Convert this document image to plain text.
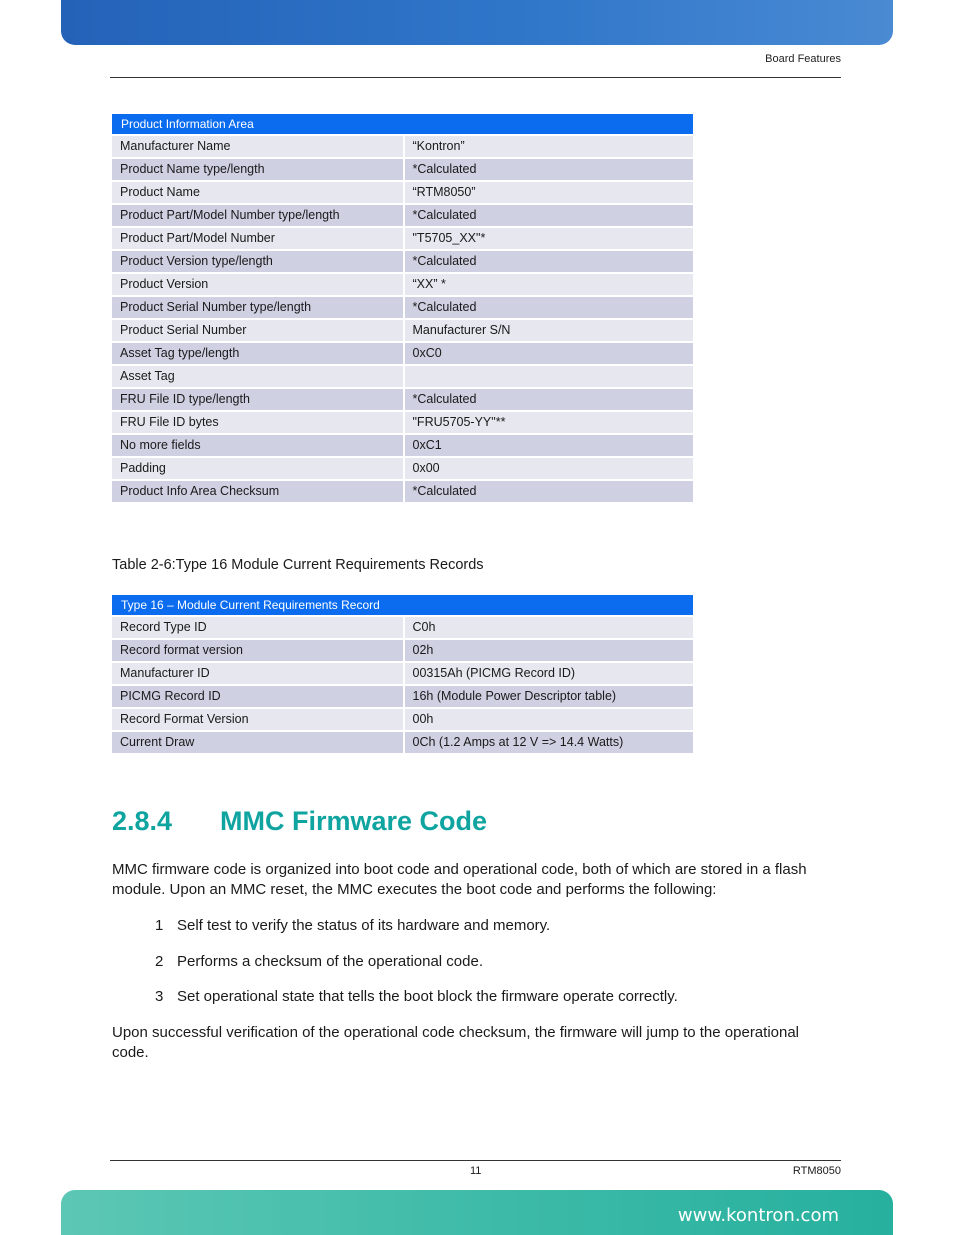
Board Features
Product Information Area	
Manufacturer Name	“Kontron”
Product Name type/length	*Calculated
Product Name	“RTM8050”
Product Part/Model Number type/length	*Calculated
Product Part/Model Number	"T5705_XX"*
Product Version type/length	*Calculated
Product Version	“XX” *
Product Serial Number type/length	*Calculated
Product Serial Number	Manufacturer S/N
Asset Tag type/length	0xC0
Asset Tag	
FRU File ID type/length	*Calculated
FRU File ID bytes	"FRU5705-YY"**
No more fields	0xC1
Padding	0x00
Product Info Area Checksum	*Calculated
Table 2-6:Type 16 Module Current Requirements Records
Type 16 – Module Current Requirements Record	
Record Type ID	C0h
Record format version	02h
Manufacturer ID	00315Ah (PICMG Record ID)
PICMG Record ID	16h (Module Power Descriptor table)
Record Format Version	00h
Current Draw	0Ch (1.2 Amps at 12 V => 14.4 Watts)
2.8.4 MMC Firmware Code

MMC firmware code is organized into boot code and operational code, both of which are stored in a flash module. Upon an MMC reset, the MMC executes the boot code and performs the following:

1 Self test to verify the status of its hardware and memory.
2 Performs a checksum of the operational code.
3 Set operational state that tells the boot block the firmware operate correctly.

Upon successful verification of the operational code checksum, the firmware will jump to the operational code.

11	RTM8050
www.kontron.com
